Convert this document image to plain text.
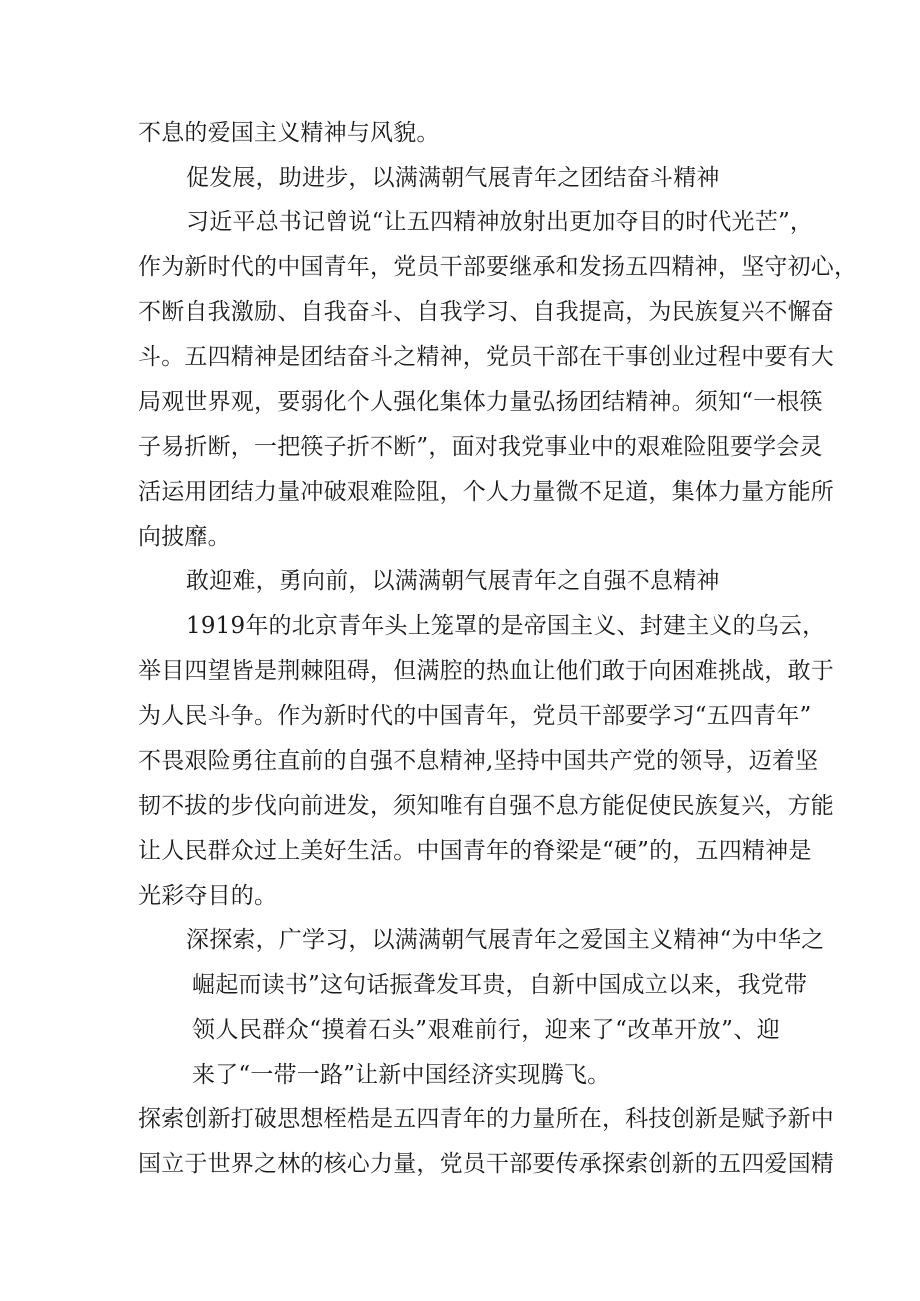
不息的爱国主义精神与风貌。
促发展，助进步，以满满朝气展青年之团结奋斗精神
习近平总书记曾说“让五四精神放射出更加夺目的时代光芒”，
作为新时代的中国青年，党员干部要继承和发扬五四精神，坚守初心，
不断自我激励、自我奋斗、自我学习、自我提高，为民族复兴不懈奋
斗。五四精神是团结奋斗之精神，党员干部在干事创业过程中要有大
局观世界观，要弱化个人强化集体力量弘扬团结精神。须知“一根筷
子易折断，一把筷子折不断”，面对我党事业中的艰难险阻要学会灵
活运用团结力量冲破艰难险阻，个人力量微不足道，集体力量方能所
向披靡。
敢迎难，勇向前，以满满朝气展青年之自强不息精神
1919年的北京青年头上笼罩的是帝国主义、封建主义的乌云，
举目四望皆是荆棘阻碍，但满腔的热血让他们敢于向困难挑战，敢于
为人民斗争。作为新时代的中国青年，党员干部要学习“五四青年”
不畏艰险勇往直前的自强不息精神,坚持中国共产党的领导，迈着坚
韧不拔的步伐向前进发，须知唯有自强不息方能促使民族复兴，方能
让人民群众过上美好生活。中国青年的脊梁是“硬”的，五四精神是
光彩夺目的。
深探索，广学习，以满满朝气展青年之爱国主义精神“为中华之
崛起而读书”这句话振聋发耳贵，自新中国成立以来，我党带
领人民群众“摸着石头”艰难前行，迎来了“改革开放”、迎
来了“一带一路”让新中国经济实现腾飞。
探索创新打破思想桎梏是五四青年的力量所在，科技创新是赋予新中
国立于世界之林的核心力量，党员干部要传承探索创新的五四爱国精
